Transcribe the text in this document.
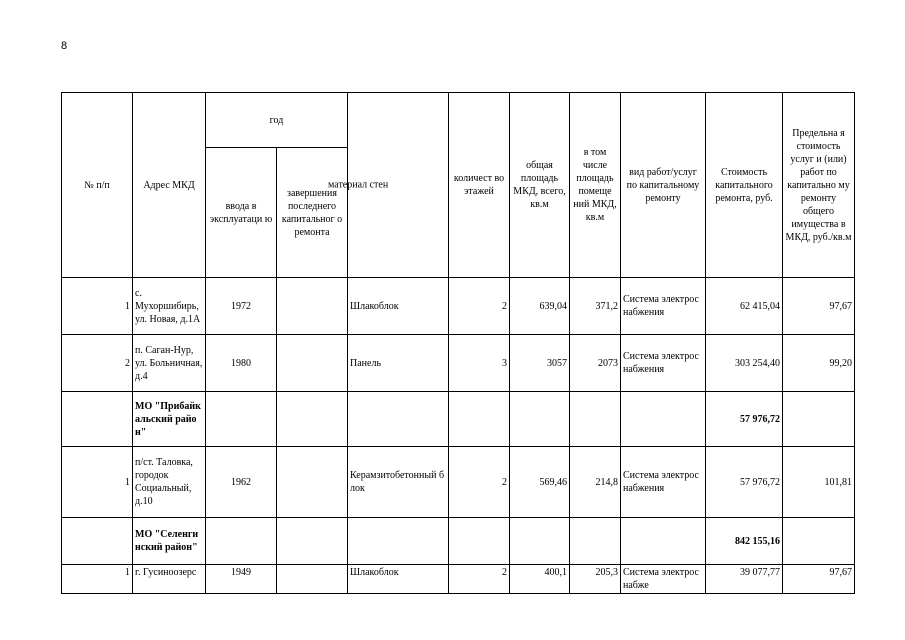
8
№ п/п	Адрес МКД	год		материал стен	количест во этажей	общая площадь МКД, всего, кв.м	в том числе площадь помеще ний МКД, кв.м	вид работ/услуг по капитальному ремонту	Стоимость капитального ремонта, руб.	Предельна я стоимость услуг и (или) работ по капитально му ремонту общего имущества в МКД, руб./кв.м
		ввода в эксплуатаци ю	завершения последнего капитальног о ремонта							
1	с. Мухоршибирь, ул. Новая, д.1А	1972		Шлакоблок	2	639,04	371,2	Система электроснабжения	62 415,04	97,67
2	п. Саган-Нур, ул. Больничная, д.4	1980		Панель	3	3057	2073	Система электроснабжения	303 254,40	99,20
	МО "Прибайкальский район"								57 976,72	
1	п/ст. Таловка, городок Социальный, д.10	1962		Керамзитобетонный блок	2	569,46	214,8	Система электроснабжения	57 976,72	101,81
	МО "Селенгинский район"								842 155,16	
1	г. Гусиноозерс	1949		Шлакоблок	2	400,1	205,3	Система электроснабже	39 077,77	97,67
